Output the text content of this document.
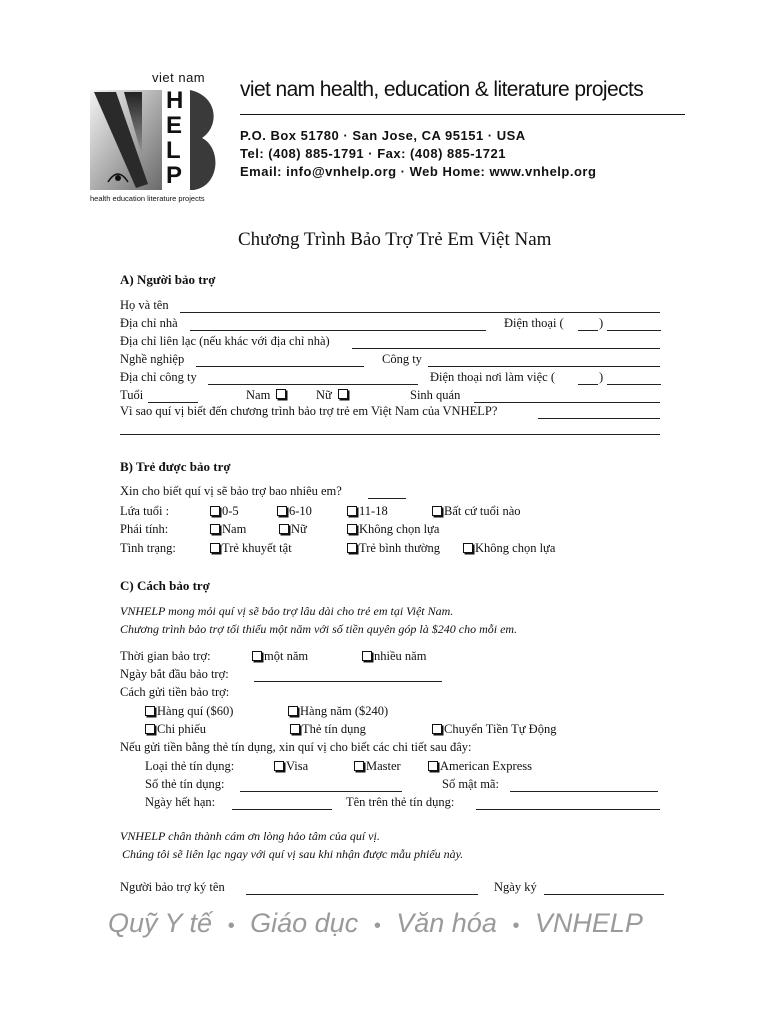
viet nam
H
E
L
P
health education literature projects
viet nam health, education & literature projects
P.O. Box 51780 · San Jose, CA 95151 · USA
Tel: (408) 885-1791 · Fax: (408) 885-1721
Email: info@vnhelp.org · Web Home: www.vnhelp.org
Chương Trình Bảo Trợ Trẻ Em Việt Nam
A) Người bảo trợ
Họ và tên
Địa chỉ nhà	Điện thoại (	)
Địa chỉ liên lạc (nếu khác với địa chỉ nhà)
Nghề nghiệp	Công ty
Địa chỉ công ty	Điện thoại nơi làm việc (	)
Tuổi	Nam	Nữ	Sinh quán
Vì sao quí vị biết đến chương trình bảo trợ trẻ em Việt Nam của VNHELP?
B) Trẻ được bảo trợ
Xin cho biết quí vị sẽ bảo trợ bao nhiêu em?
Lứa tuổi :	0-5	6-10	11-18	Bất cứ tuổi nào
Phái tính:	Nam	Nữ	Không chọn lựa
Tình trạng:	Trẻ khuyết tật	Trẻ bình thường	Không chọn lựa
C) Cách bảo trợ
VNHELP mong mỏi quí vị sẽ bảo trợ lâu dài cho trẻ em tại Việt Nam.
Chương trình bảo trợ tối thiểu một năm với số tiền quyên góp là $240 cho mỗi em.
Thời gian bảo trợ:	một năm	nhiều năm
Ngày bắt đầu bảo trợ:
Cách gửi tiền bảo trợ:
Hàng quí ($60)	Hàng năm ($240)
Chi phiếu	Thẻ tín dụng	Chuyển Tiền Tự Động
Nếu gửi tiền bằng thẻ tín dụng, xin quí vị cho biết các chi tiết sau đây:
Loại thẻ tín dụng:	Visa	Master	American Express
Số thẻ tín dụng:	Số mật mã:
Ngày hết hạn:	Tên trên thẻ tín dụng:
VNHELP chân thành cám ơn lòng hảo tâm của quí vị.
Chúng tôi sẽ liên lạc ngay với quí vị sau khi nhận được mẫu phiếu này.
Người bảo trợ ký tên	Ngày ký
Quỹ Y tế • Giáo dục • Văn hóa • VNHELP
